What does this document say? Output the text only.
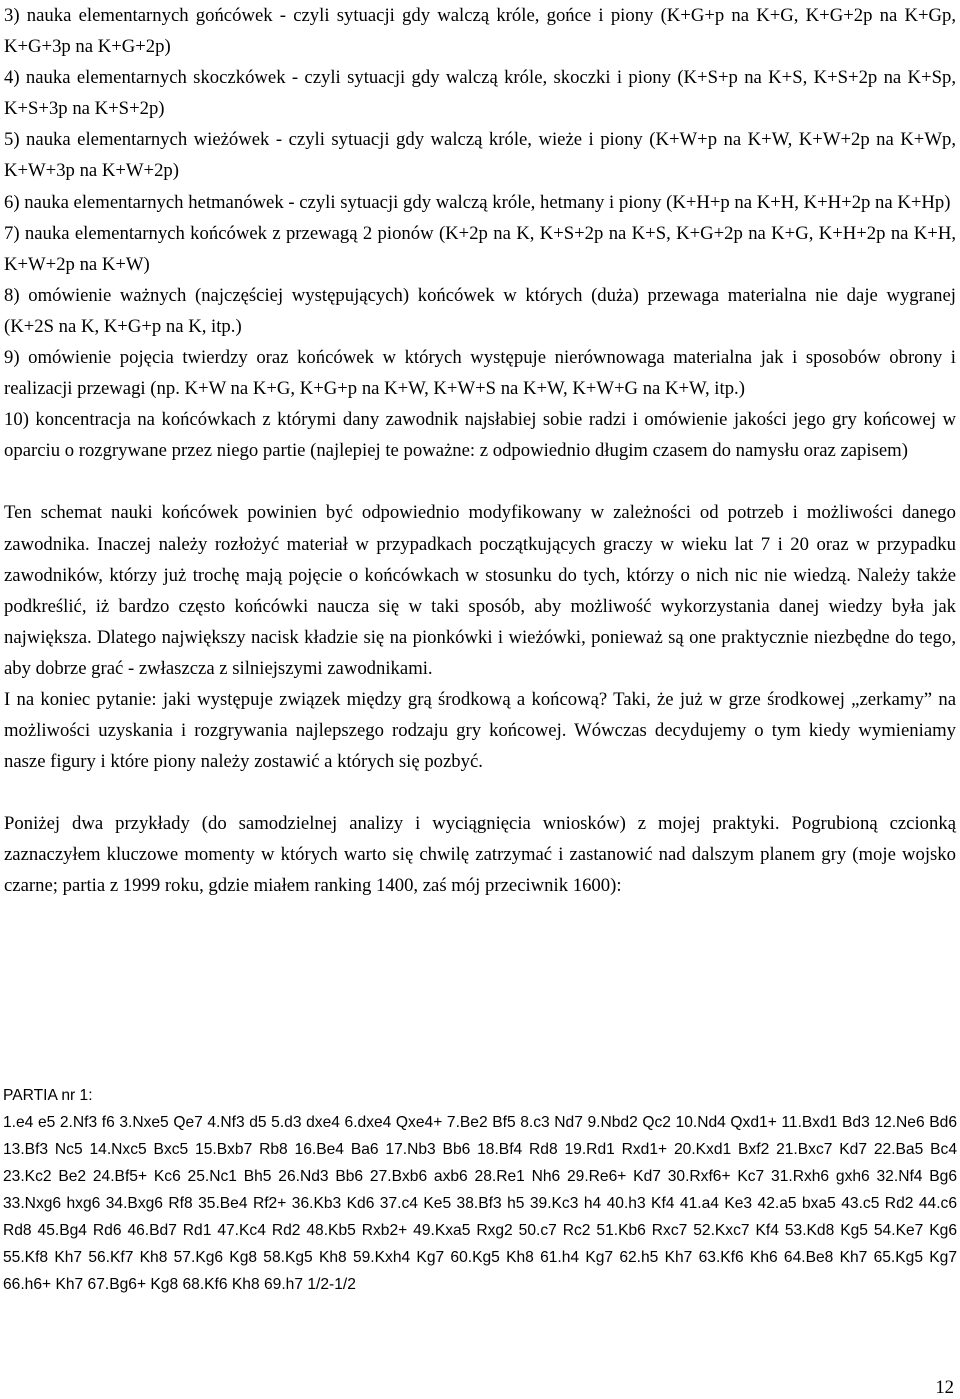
3) nauka elementarnych gońcówek - czyli sytuacji gdy walczą króle, gońce i piony (K+G+p na K+G, K+G+2p na K+Gp, K+G+3p na K+G+2p)

4) nauka elementarnych skoczkówek - czyli sytuacji gdy walczą króle, skoczki i piony (K+S+p na K+S, K+S+2p na K+Sp, K+S+3p na K+S+2p)

5) nauka elementarnych wieżówek - czyli sytuacji gdy walczą króle, wieże i piony (K+W+p na K+W, K+W+2p na K+Wp, K+W+3p na K+W+2p)

6) nauka elementarnych hetmanówek - czyli sytuacji gdy walczą króle, hetmany i piony (K+H+p na K+H, K+H+2p na K+Hp)

7) nauka elementarnych końcówek z przewagą 2 pionów (K+2p na K, K+S+2p na K+S, K+G+2p na K+G, K+H+2p na K+H, K+W+2p na K+W)

8) omówienie ważnych (najczęściej występujących) końcówek w których (duża) przewaga materialna nie daje wygranej (K+2S na K, K+G+p na K, itp.)

9) omówienie pojęcia twierdzy oraz końcówek w których występuje nierównowaga materialna jak i sposobów obrony i realizacji przewagi (np. K+W na K+G, K+G+p na K+W, K+W+S na K+W, K+W+G na K+W, itp.)

10) koncentracja na końcówkach z którymi dany zawodnik najsłabiej sobie radzi i omówienie jakości jego gry końcowej w oparciu o rozgrywane przez niego partie (najlepiej te poważne: z odpowiednio długim czasem do namysłu oraz zapisem)

Ten schemat nauki końcówek powinien być odpowiednio modyfikowany w zależności od potrzeb i możliwości danego zawodnika. Inaczej należy rozłożyć materiał w przypadkach początkujących graczy w wieku lat 7 i 20 oraz w przypadku zawodników, którzy już trochę mają pojęcie o końcówkach w stosunku do tych, którzy o nich nic nie wiedzą. Należy także podkreślić, iż bardzo często końcówki naucza się w taki sposób, aby możliwość wykorzystania danej wiedzy była jak największa. Dlatego największy nacisk kładzie się na pionkówki i wieżówki, ponieważ są one praktycznie niezbędne do tego, aby dobrze grać - zwłaszcza z silniejszymi zawodnikami.

I na koniec pytanie: jaki występuje związek między grą środkową a końcową? Taki, że już w grze środkowej „zerkamy” na możliwości uzyskania i rozgrywania najlepszego rodzaju gry końcowej. Wówczas decydujemy o tym kiedy wymieniamy nasze figury i które piony należy zostawić a których się pozbyć.

Poniżej dwa przykłady (do samodzielnej analizy i wyciągnięcia wniosków) z mojej praktyki. Pogrubioną czcionką zaznaczyłem kluczowe momenty w których warto się chwilę zatrzymać i zastanowić nad dalszym planem gry (moje wojsko czarne; partia z 1999 roku, gdzie miałem ranking 1400, zaś mój przeciwnik 1600):

PARTIA nr 1:

1.e4 e5 2.Nf3 f6 3.Nxe5 Qe7 4.Nf3 d5 5.d3 dxe4 6.dxe4 Qxe4+ 7.Be2 Bf5 8.c3 Nd7 9.Nbd2 Qc2 10.Nd4 Qxd1+ 11.Bxd1 Bd3 12.Ne6 Bd6 13.Bf3 Nc5 14.Nxc5 Bxc5 15.Bxb7 Rb8 16.Be4 Ba6 17.Nb3 Bb6 18.Bf4 Rd8 19.Rd1 Rxd1+ 20.Kxd1 Bxf2 21.Bxc7 Kd7 22.Ba5 Bc4 23.Kc2 Be2 24.Bf5+ Kc6 25.Nc1 Bh5 26.Nd3 Bb6 27.Bxb6 axb6 28.Re1 Nh6 29.Re6+ Kd7 30.Rxf6+ Kc7 31.Rxh6 gxh6 32.Nf4 Bg6 33.Nxg6 hxg6 34.Bxg6 Rf8 35.Be4 Rf2+ 36.Kb3 Kd6 37.c4 Ke5 38.Bf3 h5 39.Kc3 h4 40.h3 Kf4 41.a4 Ke3 42.a5 bxa5 43.c5 Rd2 44.c6 Rd8 45.Bg4 Rd6 46.Bd7 Rd1 47.Kc4 Rd2 48.Kb5 Rxb2+ 49.Kxa5 Rxg2 50.c7 Rc2 51.Kb6 Rxc7 52.Kxc7 Kf4 53.Kd8 Kg5 54.Ke7 Kg6 55.Kf8 Kh7 56.Kf7 Kh8 57.Kg6 Kg8 58.Kg5 Kh8 59.Kxh4 Kg7 60.Kg5 Kh8 61.h4 Kg7 62.h5 Kh7 63.Kf6 Kh6 64.Be8 Kh7 65.Kg5 Kg7 66.h6+ Kh7 67.Bg6+ Kg8 68.Kf6 Kh8 69.h7 1/2-1/2

12
